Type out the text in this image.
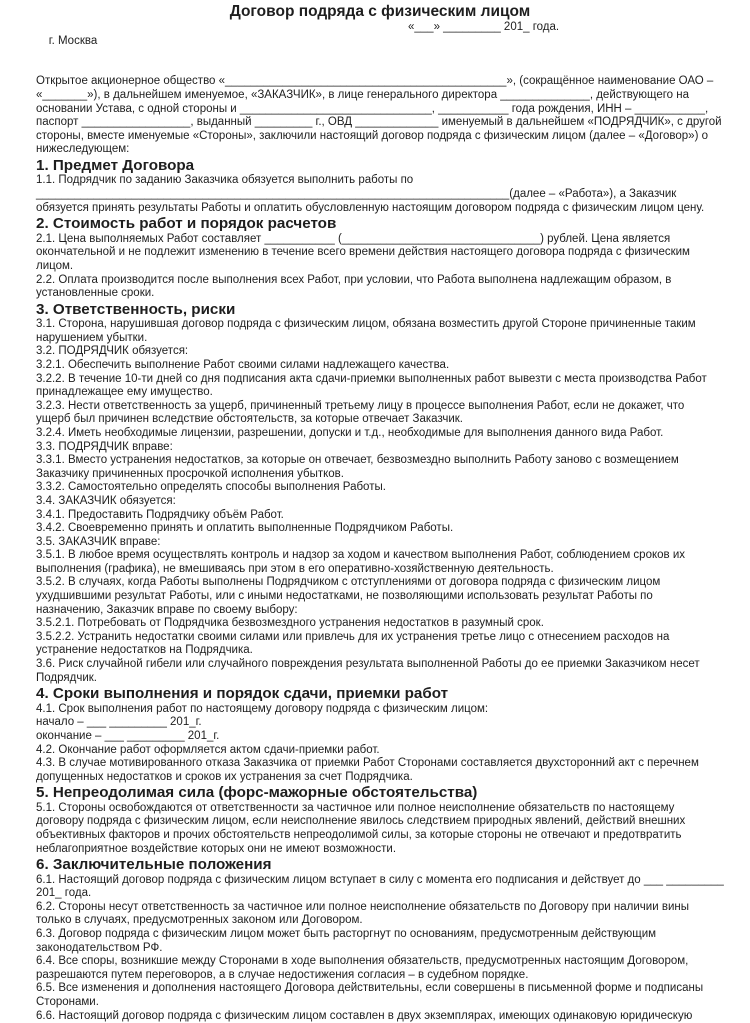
Договор подряда с физическим лицом

г. Москва

«___» _________ 201_ года.

Открытое акционерное общество «____________________________________________», (сокращённое наименование ОАО –
«_______»), в дальнейшем именуемое, «ЗАКАЗЧИК», в лице генерального директора ______________, действующего на
основании Устава, с одной стороны и ______________________________, ___________ года рождения, ИНН – ___________,
паспорт _________________, выданный _________ г., ОВД _____________ именуемый в дальнейшем «ПОДРЯДЧИК», с другой
стороны, вместе именуемые «Стороны», заключили настоящий договор подряда с физическим лицом (далее – «Договор») о
нижеследующем:
1. Предмет Договора
1.1. Подрядчик по заданию Заказчика обязуется выполнить работы по
__________________________________________________________________________(далее – «Работа»), а Заказчик
обязуется принять результаты Работы и оплатить обусловленную настоящим договором подряда с физическим лицом цену.
2. Стоимость работ и порядок расчетов
2.1. Цена выполняемых Работ составляет ___________ (_______________________________) рублей. Цена является
окончательной и не подлежит изменению в течение всего времени действия настоящего договора подряда с физическим
лицом.
2.2. Оплата производится после выполнения всех Работ, при условии, что Работа выполнена надлежащим образом, в
установленные сроки.
3. Ответственность, риски
3.1. Сторона, нарушившая договор подряда с физическим лицом, обязана возместить другой Стороне причиненные таким
нарушением убытки.
3.2. ПОДРЯДЧИК обязуется:
3.2.1. Обеспечить выполнение Работ своими силами надлежащего качества.
3.2.2. В течение 10-ти дней со дня подписания акта сдачи-приемки выполненных работ вывезти с места производства Работ
принадлежащее ему имущество.
3.2.3. Нести ответственность за ущерб, причиненный третьему лицу в процессе выполнения Работ, если не докажет, что
ущерб был причинен вследствие обстоятельств, за которые отвечает Заказчик.
3.2.4. Иметь необходимые лицензии, разрешении, допуски и т.д., необходимые для выполнения данного вида Работ.
3.3. ПОДРЯДЧИК вправе:
3.3.1. Вместо устранения недостатков, за которые он отвечает, безвозмездно выполнить Работу заново с возмещением
Заказчику причиненных просрочкой исполнения убытков.
3.3.2. Самостоятельно определять способы выполнения Работы.
3.4. ЗАКАЗЧИК обязуется:
3.4.1. Предоставить Подрядчику объём Работ.
3.4.2. Своевременно принять и оплатить выполненные Подрядчиком Работы.
3.5. ЗАКАЗЧИК вправе:
3.5.1. В любое время осуществлять контроль и надзор за ходом и качеством выполнения Работ, соблюдением сроков их
выполнения (графика), не вмешиваясь при этом в его оперативно-хозяйственную деятельность.
3.5.2. В случаях, когда Работы выполнены Подрядчиком с отступлениями от договора подряда с физическим лицом
ухудшившими результат Работы, или с иными недостатками, не позволяющими использовать результат Работы по
назначению, Заказчик вправе по своему выбору:
3.5.2.1. Потребовать от Подрядчика безвозмездного устранения недостатков в разумный срок.
3.5.2.2. Устранить недостатки своими силами или привлечь для их устранения третье лицо с отнесением расходов на
устранение недостатков на Подрядчика.
3.6. Риск случайной гибели или случайного повреждения результата выполненной Работы до ее приемки Заказчиком несет
Подрядчик.
4. Сроки выполнения и порядок сдачи, приемки работ
4.1. Срок выполнения работ по настоящему договору подряда с физическим лицом:
начало – ___ _________ 201_г.
окончание – ___ _________ 201_г.
4.2. Окончание работ оформляется актом сдачи-приемки работ.
4.3. В случае мотивированного отказа Заказчика от приемки Работ Сторонами составляется двухсторонний акт с перечнем
допущенных недостатков и сроков их устранения за счет Подрядчика.
5. Непреодолимая сила (форс-мажорные обстоятельства)
5.1. Стороны освобождаются от ответственности за частичное или полное неисполнение обязательств по настоящему
договору подряда с физическим лицом, если неисполнение явилось следствием природных явлений, действий внешних
объективных факторов и прочих обстоятельств непреодолимой силы, за которые стороны не отвечают и предотвратить
неблагоприятное воздействие которых они не имеют возможности.
6. Заключительные положения
6.1. Настоящий договор подряда с физическим лицом вступает в силу с момента его подписания и действует до ___ _________
201_ года.
6.2. Стороны несут ответственность за частичное или полное неисполнение обязательств по Договору при наличии вины
только в случаях, предусмотренных законом или Договором.
6.3. Договор подряда с физическим лицом может быть расторгнут по основаниям, предусмотренным действующим
законодательством РФ.
6.4. Все споры, возникшие между Сторонами в ходе выполнения обязательств, предусмотренных настоящим Договором,
разрешаются путем переговоров, а в случае недостижения согласия – в судебном порядке.
6.5. Все изменения и дополнения настоящего Договора действительны, если совершены в письменной форме и подписаны
Сторонами.
6.6. Настоящий договор подряда с физическим лицом составлен в двух экземплярах, имеющих одинаковую юридическую
